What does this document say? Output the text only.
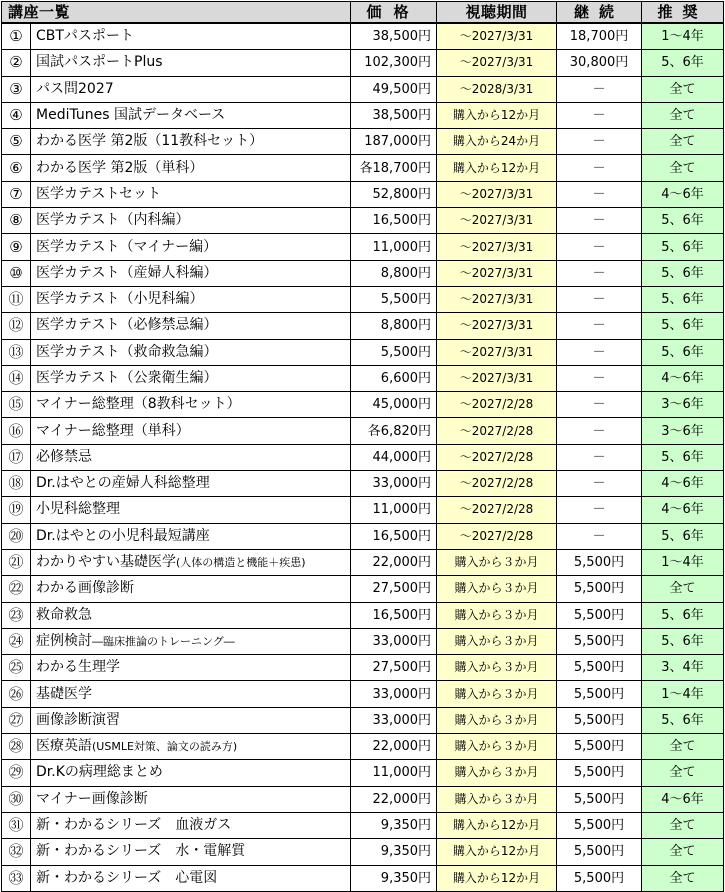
講座一覧		価格	視聴期間	継続	推奨
①	CBTパスポート	38,500円	～2027/3/31	18,700円	1～4年
②	国試パスポートPlus	102,300円	～2027/3/31	30,800円	5、6年
③	パス問2027	49,500円	～2028/3/31	－	全て
④	MediTunes 国試データベース	38,500円	購入から12か月	－	全て
⑤	わかる医学 第2版（11教科セット）	187,000円	購入から24か月	－	全て
⑥	わかる医学 第2版（単科）	各18,700円	購入から12か月	－	全て
⑦	医学カテストセット	52,800円	～2027/3/31	－	4～6年
⑧	医学カテスト（内科編）	16,500円	～2027/3/31	－	5、6年
⑨	医学カテスト（マイナー編）	11,000円	～2027/3/31	－	5、6年
⑩	医学カテスト（産婦人科編）	8,800円	～2027/3/31	－	5、6年
⑪	医学カテスト（小児科編）	5,500円	～2027/3/31	－	5、6年
⑫	医学カテスト（必修禁忌編）	8,800円	～2027/3/31	－	5、6年
⑬	医学カテスト（救命救急編）	5,500円	～2027/3/31	－	5、6年
⑭	医学カテスト（公衆衛生編）	6,600円	～2027/3/31	－	4～6年
⑮	マイナー総整理（8教科セット）	45,000円	～2027/2/28	－	3～6年
⑯	マイナー総整理（単科）	各6,820円	～2027/2/28	－	3～6年
⑰	必修禁忌	44,000円	～2027/2/28	－	5、6年
⑱	Dr.はやとの産婦人科総整理	33,000円	～2027/2/28	－	4～6年
⑲	小児科総整理	11,000円	～2027/2/28	－	4～6年
⑳	Dr.はやとの小児科最短講座	16,500円	～2027/2/28	－	5、6年
㉑	わかりやすい基礎医学(人体の構造と機能＋疾患)	22,000円	購入から３か月	5,500円	1～4年
㉒	わかる画像診断	27,500円	購入から３か月	5,500円	全て
㉓	救命救急	16,500円	購入から３か月	5,500円	5、6年
㉔	症例検討―臨床推論のトレーニング―	33,000円	購入から３か月	5,500円	5、6年
㉕	わかる生理学	27,500円	購入から３か月	5,500円	3、4年
㉖	基礎医学	33,000円	購入から３か月	5,500円	1～4年
㉗	画像診断演習	33,000円	購入から３か月	5,500円	5、6年
㉘	医療英語(USMLE対策、論文の読み方)	22,000円	購入から３か月	5,500円	全て
㉙	Dr.Kの病理総まとめ	11,000円	購入から３か月	5,500円	全て
㉚	マイナー画像診断	22,000円	購入から３か月	5,500円	4～6年
㉛	新・わかるシリーズ　血液ガス	9,350円	購入から12か月	5,500円	全て
㉜	新・わかるシリーズ　水・電解質	9,350円	購入から12か月	5,500円	全て
㉝	新・わかるシリーズ　心電図	9,350円	購入から12か月	5,500円	全て
